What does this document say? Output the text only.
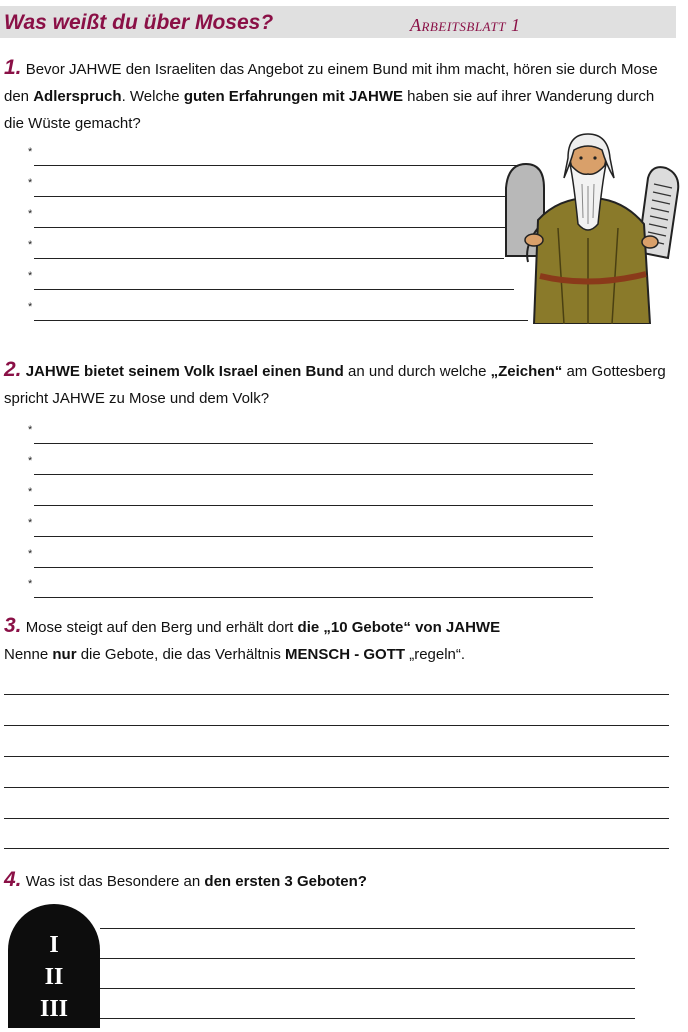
Was weißt du über Moses?	Arbeitsblatt 1
1. Bevor JAHWE den Israeliten das Angebot zu einem Bund mit ihm macht, hören sie durch Mose den Adlerspruch. Welche guten Erfahrungen mit JAHWE haben sie auf ihrer Wanderung durch die Wüste gemacht?
*
*
*
*
*
*
2. JAHWE bietet seinem Volk Israel einen Bund an und durch welche „Zeichen“ am Gottesberg spricht JAHWE zu Mose und dem Volk?
*
*
*
*
*
*
3. Mose steigt auf den Berg und erhält dort die „10 Gebote“ von JAHWE
Nenne nur die Gebote, die das Verhältnis MENSCH - GOTT „regeln“.
4. Was ist das Besondere an den ersten 3 Geboten?
I
II
III
